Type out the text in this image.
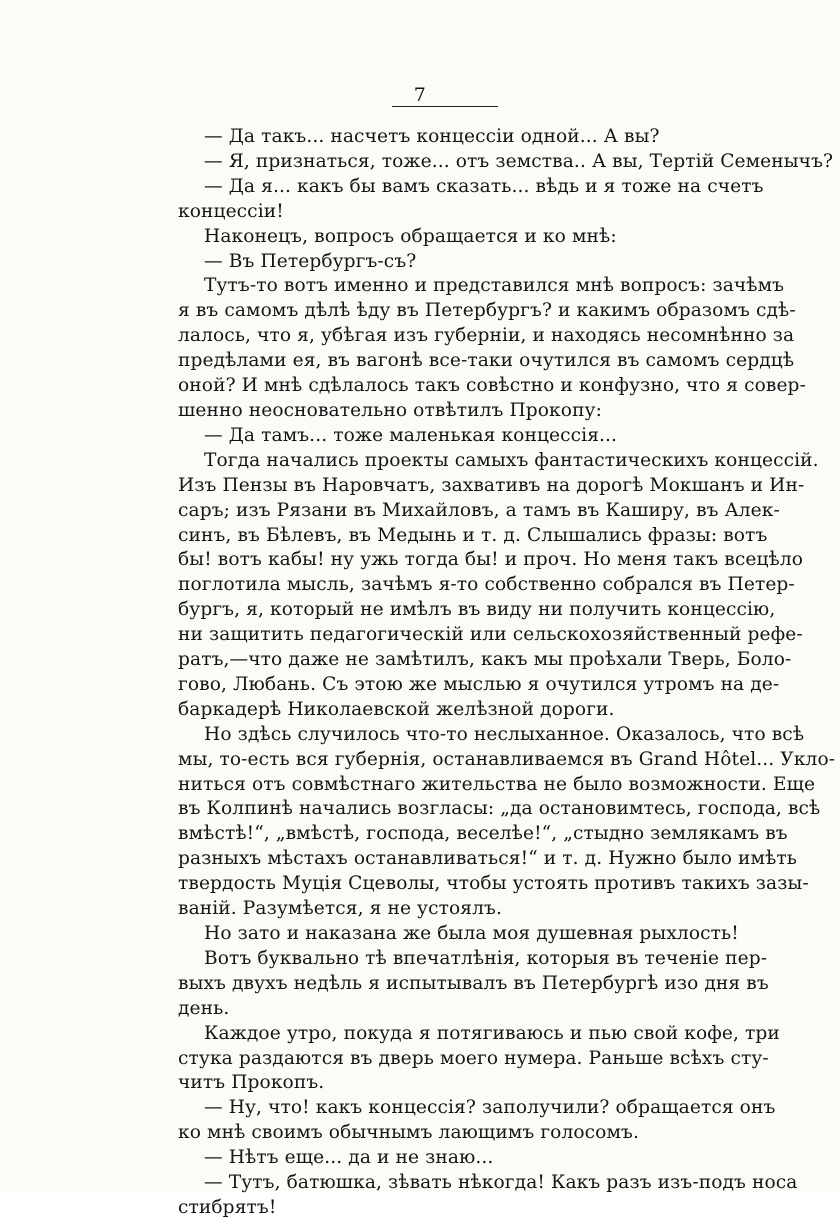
7
— Да такъ... насчетъ концессіи одной... А вы?
— Я, признаться, тоже... отъ земства.. А вы, Тертій Семенычъ?
— Да я... какъ бы вамъ сказать... вѣдь и я тоже на счетъ
концессіи!
Наконецъ, вопросъ обращается и ко мнѣ:
— Въ Петербургъ-съ?
Тутъ-то вотъ именно и представился мнѣ вопросъ: зачѣмъ
я въ самомъ дѣлѣ ѣду въ Петербургъ? и какимъ образомъ сдѣ-
лалось, что я, убѣгая изъ губерніи, и находясь несомнѣнно за
предѣлами ея, въ вагонѣ все-таки очутился въ самомъ сердцѣ
оной? И мнѣ сдѣлалось такъ совѣстно и конфузно, что я совер-
шенно неосновательно отвѣтилъ Прокопу:
— Да тамъ... тоже маленькая концессія...
Тогда начались проекты самыхъ фантастическихъ концессій.
Изъ Пензы въ Наровчатъ, захвативъ на дорогѣ Мокшанъ и Ин-
саръ; изъ Рязани въ Михайловъ, а тамъ въ Каширу, въ Алек-
синъ, въ Бѣлевъ, въ Медынь и т. д. Слышались фразы: вотъ
бы! вотъ кабы! ну ужь тогда бы! и проч. Но меня такъ всецѣло
поглотила мысль, зачѣмъ я-то собственно собрался въ Петер-
бургъ, я, который не имѣлъ въ виду ни получить концессію,
ни защитить педагогическій или сельскохозяйственный рефе-
ратъ,—что даже не замѣтилъ, какъ мы проѣхали Тверь, Боло-
гово, Любань. Съ этою же мыслью я очутился утромъ на де-
баркадерѣ Николаевской желѣзной дороги.
Но здѣсь случилось что-то неслыханное. Оказалось, что всѣ
мы, то-есть вся губернія, останавливаемся въ Grand Hôtel... Укло-
ниться отъ совмѣстнаго жительства не было возможности. Еще
въ Колпинѣ начались возгласы: „да остановимтесь, господа, всѣ
вмѣстѣ!“, „вмѣстѣ, господа, веселѣе!“, „стыдно землякамъ въ
разныхъ мѣстахъ останавливаться!“ и т. д. Нужно было имѣть
твердость Муція Сцеволы, чтобы устоять противъ такихъ зазы-
ваній. Разумѣется, я не устоялъ.
Но зато и наказана же была моя душевная рыхлость!
Вотъ буквально тѣ впечатлѣнія, которыя въ теченіе пер-
выхъ двухъ недѣль я испытывалъ въ Петербургѣ изо дня въ
день.
Каждое утро, покуда я потягиваюсь и пью свой кофе, три
стука раздаются въ дверь моего нумера. Раньше всѣхъ сту-
читъ Прокопъ.
— Ну, что! какъ концессія? заполучили? обращается онъ
ко мнѣ своимъ обычнымъ лающимъ голосомъ.
— Нѣтъ еще... да и не знаю...
— Тутъ, батюшка, зѣвать нѣкогда! Какъ разъ изъ-подъ носа
стибрятъ!
